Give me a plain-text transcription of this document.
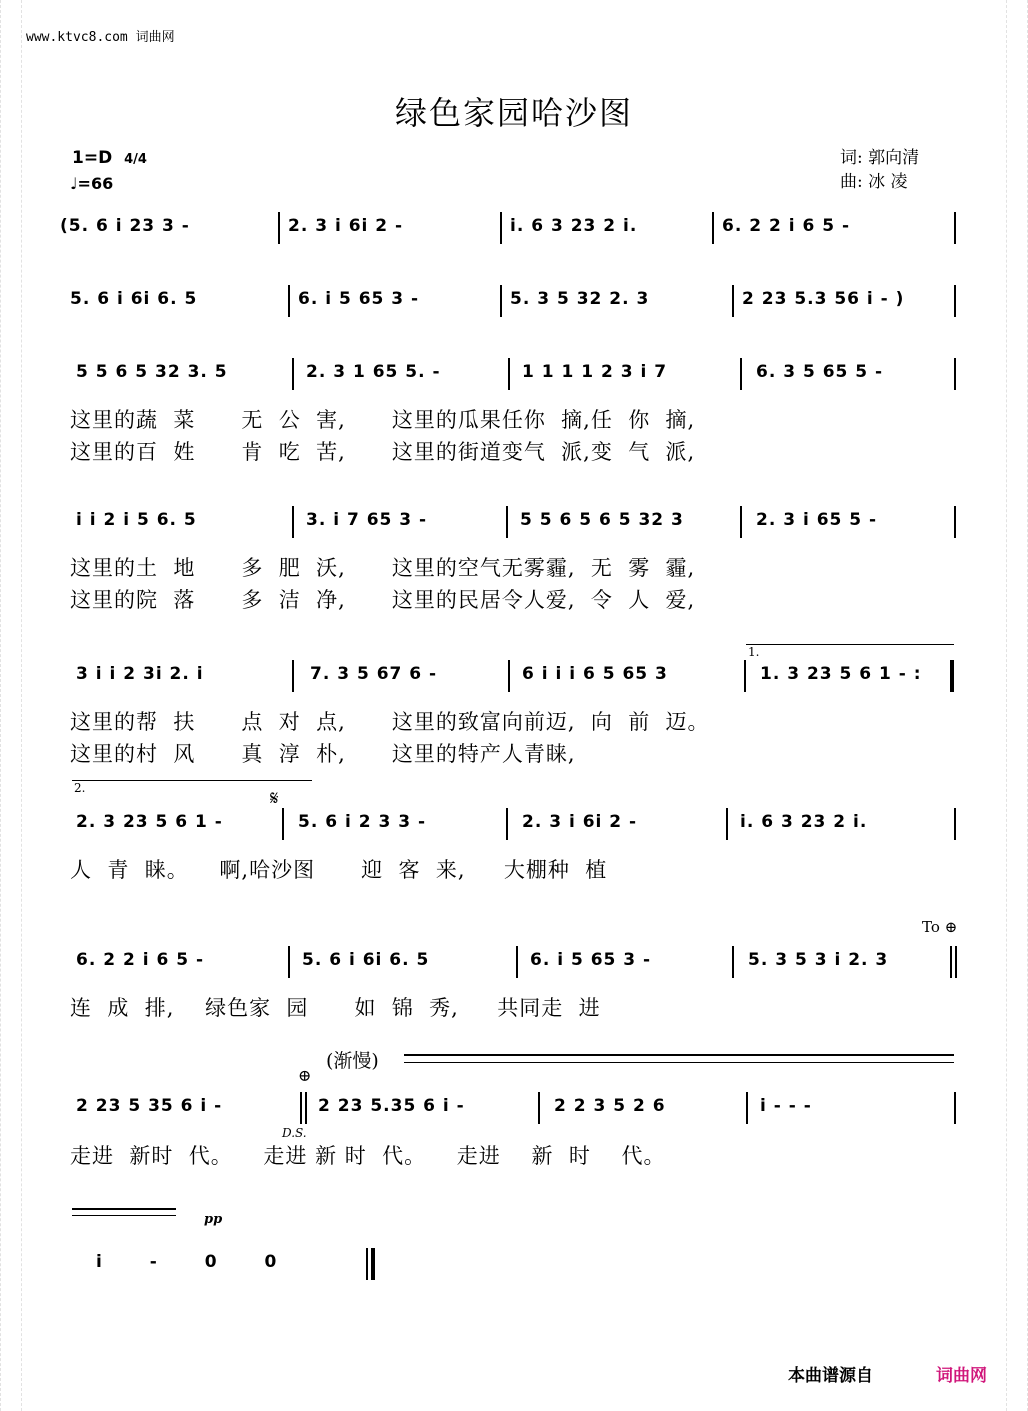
www.ktvc8.com 词曲网
绿色家园哈沙图
1=D 4/4
♩=66
词: 郭向清
曲: 冰 凌
(5. 6 i 23 3 -	2. 3 i 6i 2 -	i. 6 3 23 2 i.	6. 2 2 i 6 5 -
5. 6 i 6i 6. 5	6. i 5 65 3 -	5. 3 5 32 2. 3	2 23 5.3 56 i - )
5 5 6 5 32 3. 5	2. 3 1 65 5. -	1 1 1 1 2 3 i 7	6. 3 5 65 5 -
这里的蔬  菜      无  公  害,      这里的瓜果任你  摘,任  你  摘,
这里的百  姓      肯  吃  苦,      这里的街道变气  派,变  气  派,
i i 2 i 5 6. 5	3. i 7 65 3 -	5 5 6 5 6 5 32 3	2. 3 i 65 5 -
这里的土  地      多  肥  沃,      这里的空气无雾霾,  无  雾  霾,
这里的院  落      多  洁  净,      这里的民居令人爱,  令  人  爱,
1.
3 i i 2 3i 2. i	7. 3 5 67 6 -	6 i i i 6 5 65 3	1. 3 23 5 6 1 - :
这里的帮  扶      点  对  点,      这里的致富向前迈,  向  前  迈。
这里的村  风      真  淳  朴,      这里的特产人青睐,
2.	𝄋
2. 3 23 5 6 1 -	5. 6 i 2 3 3 -	2. 3 i 6i 2 -	i. 6 3 23 2 i.
人  青  睐。    啊,哈沙图      迎  客  来,     大棚种  植
To ⊕
6. 2 2 i 6 5 -	5. 6 i 6i 6. 5	6. i 5 65 3 -	5. 3 5 3 i 2. 3
连  成  排,    绿色家  园      如  锦  秀,     共同走  进
(渐慢)
⊕
2 23 5 35 6 i -	2 23 5.35 6 i -	2 2 3 5 2 6	i - - -
D.S.
走进  新时  代。    走进 新 时  代。    走进    新  时    代。
pp
i - 0 0
本曲谱源自	词曲网
